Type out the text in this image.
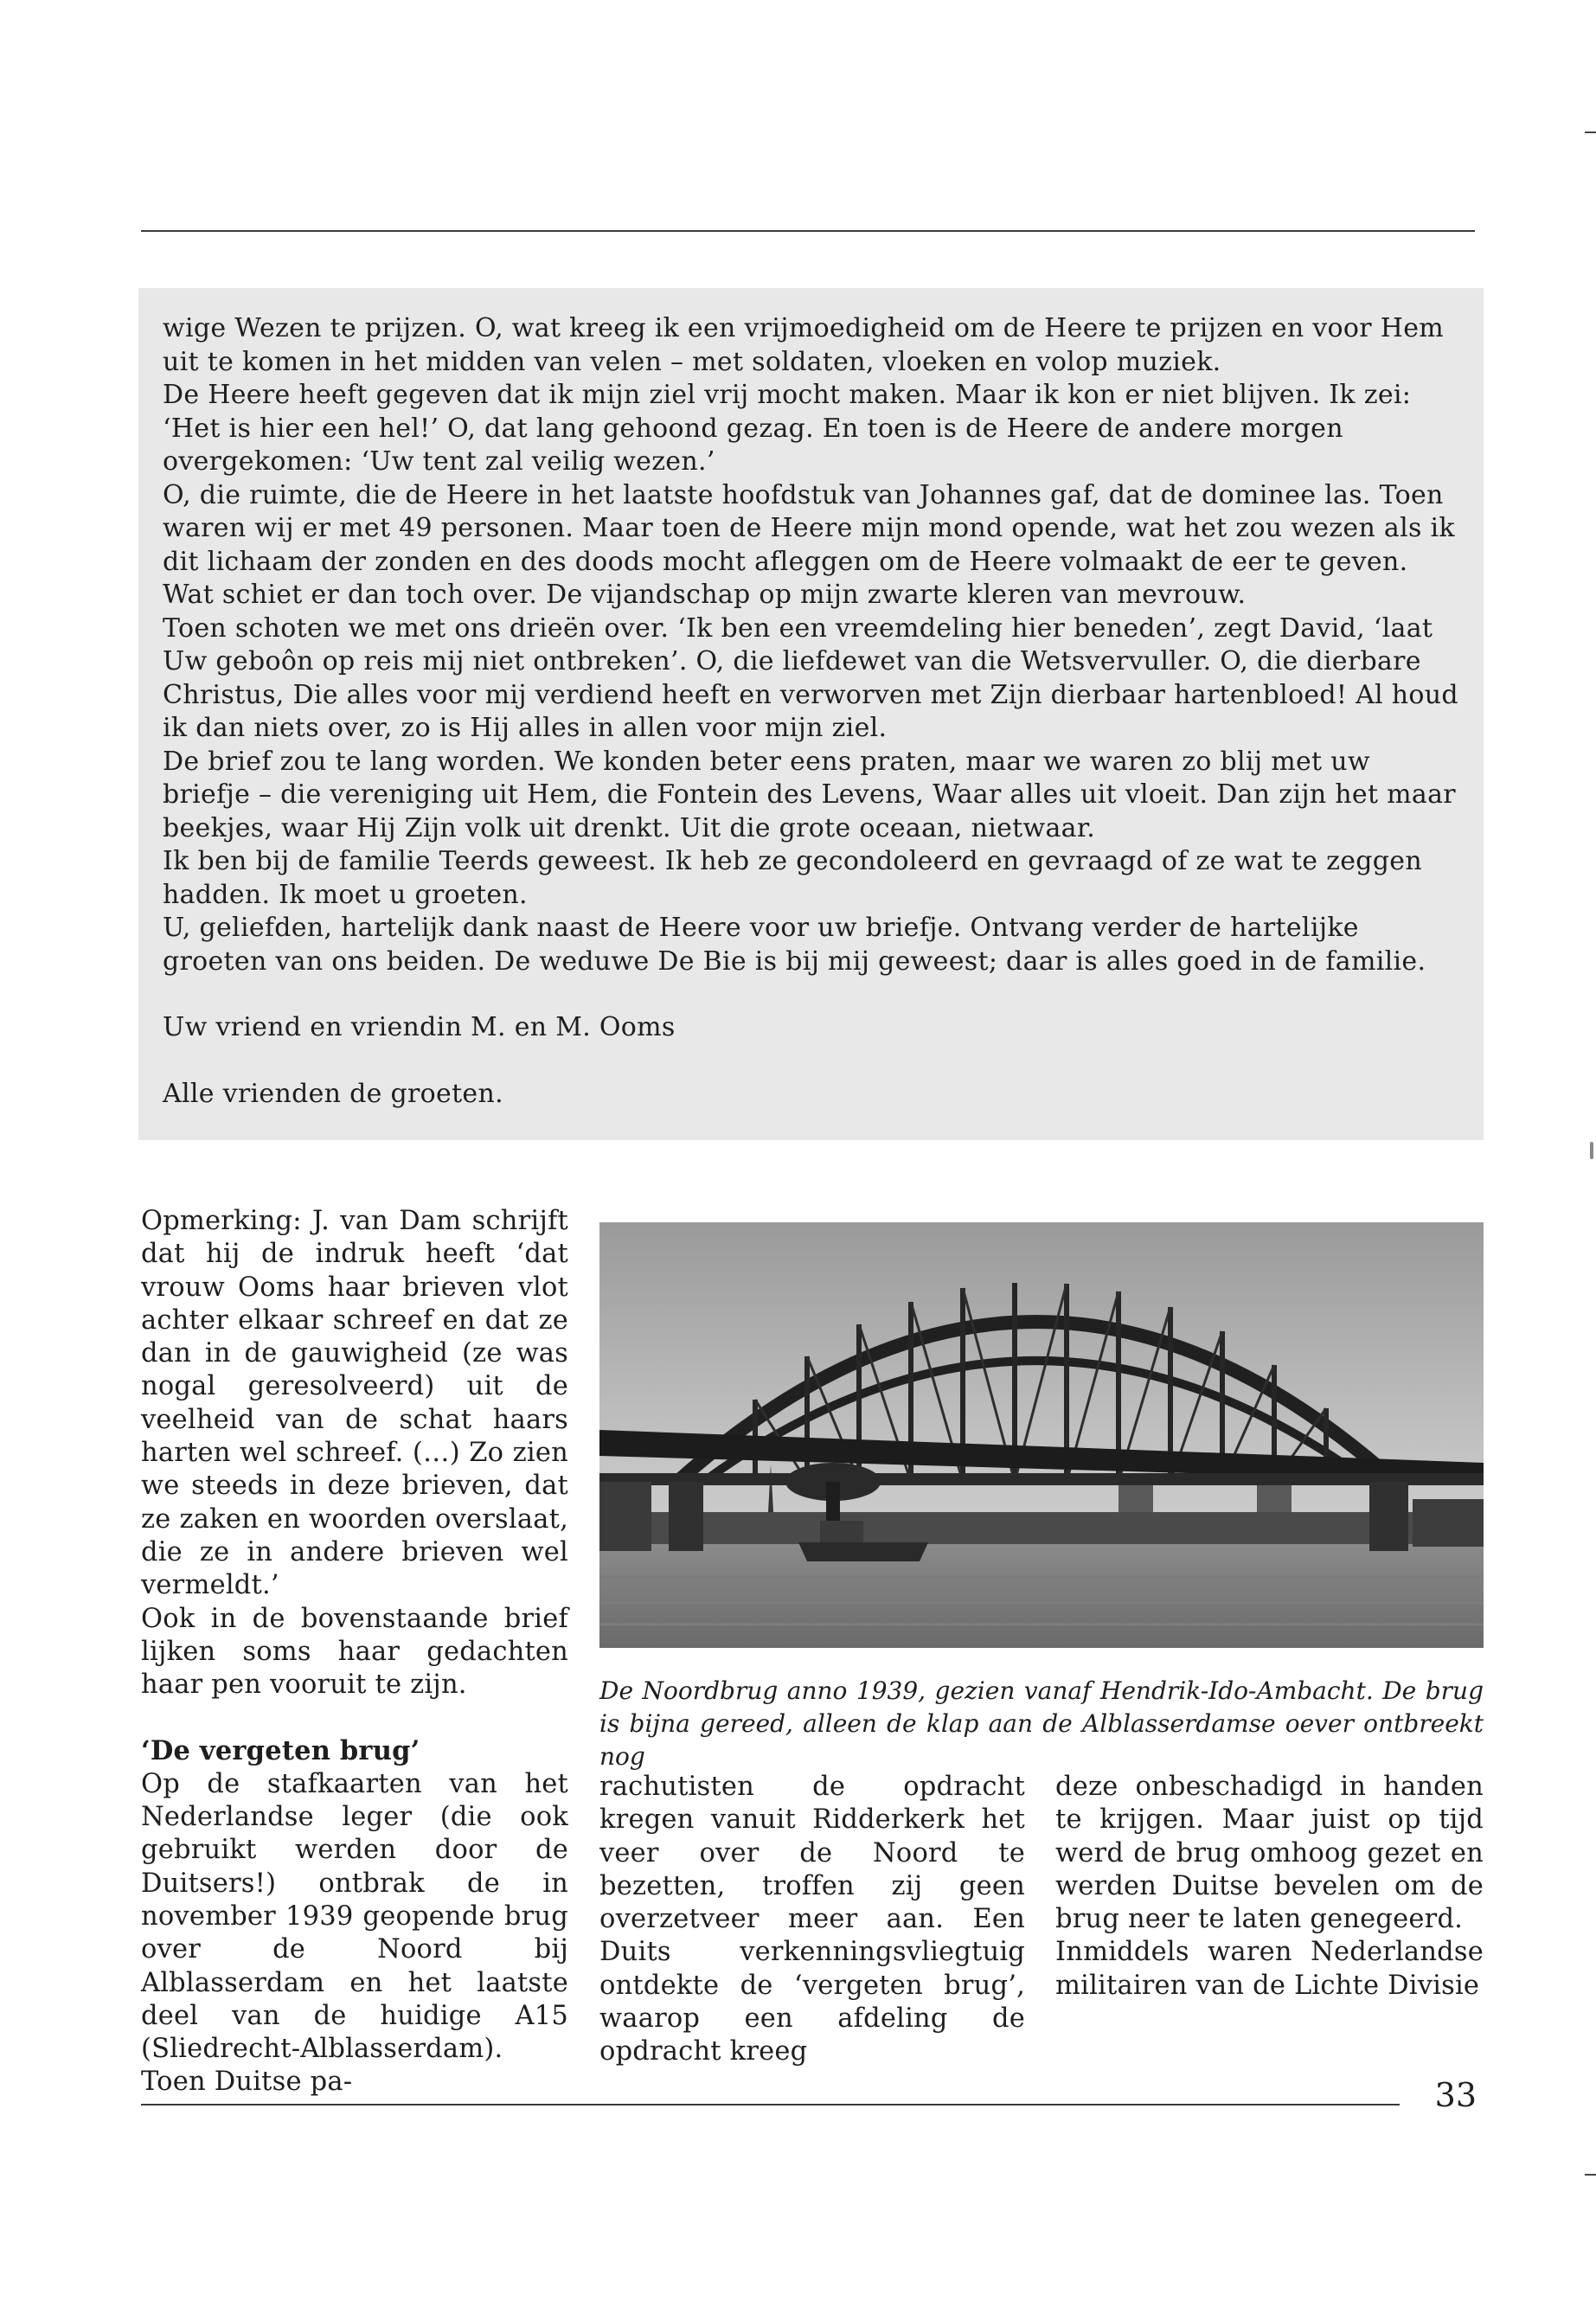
wige Wezen te prijzen. O, wat kreeg ik een vrijmoedigheid om de Heere te prijzen en voor Hem uit te komen in het midden van velen – met soldaten, vloeken en volop muziek.

De Heere heeft gegeven dat ik mijn ziel vrij mocht maken. Maar ik kon er niet blijven. Ik zei: ‘Het is hier een hel!’ O, dat lang gehoond gezag. En toen is de Heere de andere morgen overgekomen: ‘Uw tent zal veilig wezen.’

O, die ruimte, die de Heere in het laatste hoofdstuk van Johannes gaf, dat de dominee las. Toen waren wij er met 49 personen. Maar toen de Heere mijn mond opende, wat het zou wezen als ik dit lichaam der zonden en des doods mocht afleggen om de Heere volmaakt de eer te geven. Wat schiet er dan toch over. De vijandschap op mijn zwarte kleren van mevrouw.

Toen schoten we met ons drieën over. ‘Ik ben een vreemdeling hier beneden’, zegt David, ‘laat Uw geboôn op reis mij niet ontbreken’. O, die liefdewet van die Wetsvervuller. O, die dierbare Christus, Die alles voor mij verdiend heeft en verworven met Zijn dierbaar hartenbloed! Al houd ik dan niets over, zo is Hij alles in allen voor mijn ziel.

De brief zou te lang worden. We konden beter eens praten, maar we waren zo blij met uw briefje – die vereniging uit Hem, die Fontein des Levens, Waar alles uit vloeit. Dan zijn het maar beekjes, waar Hij Zijn volk uit drenkt. Uit die grote oceaan, nietwaar.

Ik ben bij de familie Teerds geweest. Ik heb ze gecondoleerd en gevraagd of ze wat te zeggen hadden. Ik moet u groeten.

U, geliefden, hartelijk dank naast de Heere voor uw briefje. Ontvang verder de hartelijke groeten van ons beiden. De weduwe De Bie is bij mij geweest; daar is alles goed in de familie.

Uw vriend en vriendin M. en M. Ooms

Alle vrienden de groeten.

Opmerking: J. van Dam schrijft dat hij de indruk heeft ‘dat vrouw Ooms haar brieven vlot achter elkaar schreef en dat ze dan in de gauwigheid (ze was nogal geresolveerd) uit de veelheid van de schat haars harten wel schreef. (…) Zo zien we steeds in deze brieven, dat ze zaken en woorden overslaat, die ze in andere brieven wel vermeldt.’

Ook in de bovenstaande brief lijken soms haar gedachten haar pen vooruit te zijn.

‘De vergeten brug’

Op de stafkaarten van het Nederlandse leger (die ook gebruikt werden door de Duitsers!) ontbrak de in november 1939 geopende brug over de Noord bij Alblasserdam en het laatste deel van de huidige A15 (Sliedrecht-Alblasserdam). Toen Duitse pa-

De Noordbrug anno 1939, gezien vanaf Hendrik-Ido-Ambacht. De brug is bijna gereed, alleen de klap aan de Alblasserdamse oever ontbreekt nog

rachutisten de opdracht kregen vanuit Ridderkerk het veer over de Noord te bezetten, troffen zij geen overzetveer meer aan. Een Duits verkenningsvliegtuig ontdekte de ‘vergeten brug’, waarop een afdeling de opdracht kreeg

deze onbeschadigd in handen te krijgen. Maar juist op tijd werd de brug omhoog gezet en werden Duitse bevelen om de brug neer te laten genegeerd.

Inmiddels waren Nederlandse militairen van de Lichte Divisie

33
